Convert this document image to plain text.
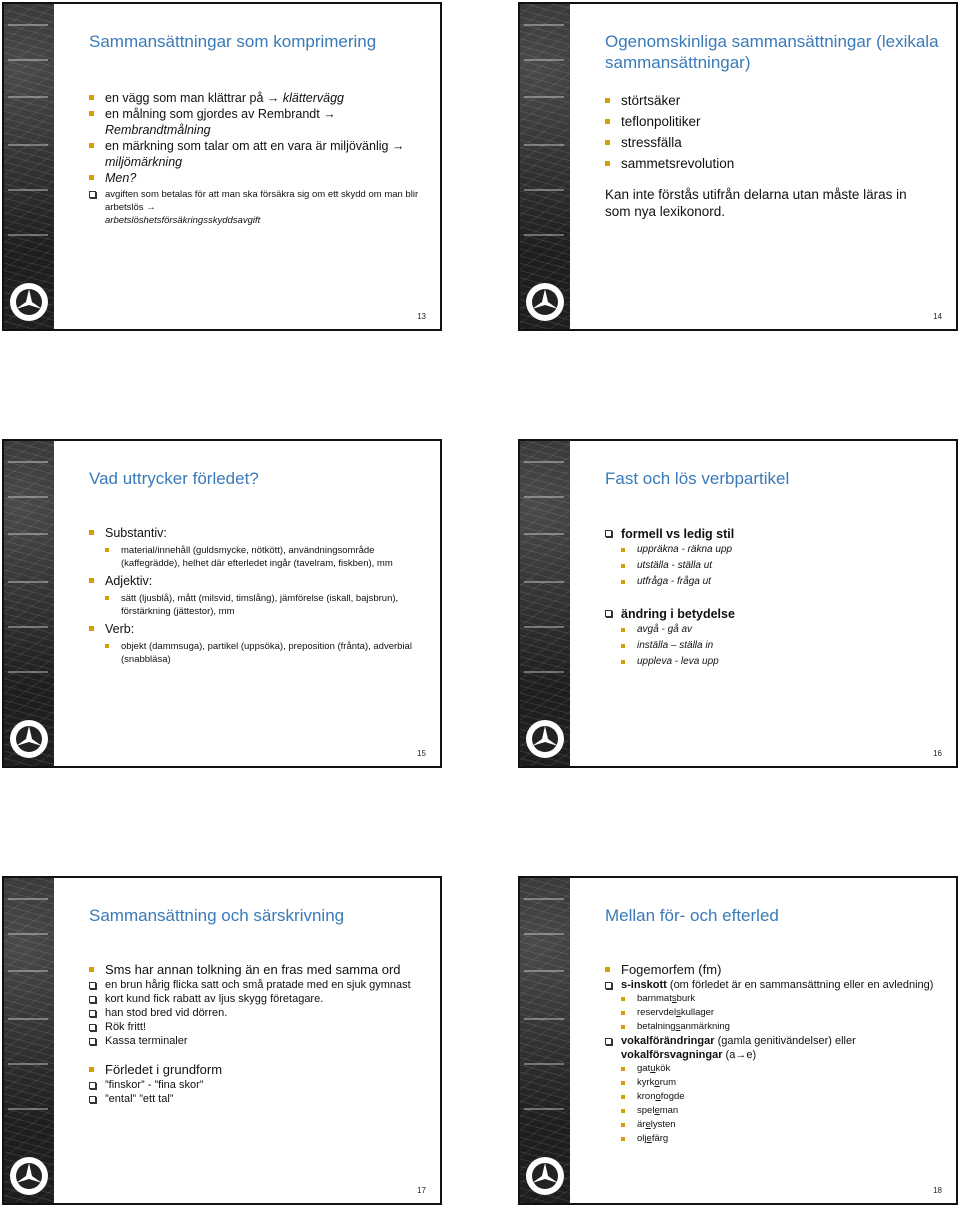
Sammansättningar som komprimering
en vägg som man klättrar på → klättervägg
en målning som gjordes av Rembrandt →
Rembrandtmålning
en märkning som talar om att en vara är miljövänlig →
miljömärkning
Men?
avgiften som betalas för att man ska försäkra sig om ett skydd om man blir arbetslös →
arbetslöshetsförsäkringsskyddsavgift
13
Ogenomskinliga sammansättningar (lexikala sammansättningar)
störtsäker
teflonpolitiker
stressfälla
sammetsrevolution
Kan inte förstås utifrån delarna utan måste läras in som nya lexikonord.
14
Vad uttrycker förledet?
Substantiv:
material/innehåll (guldsmycke, nötkött), användningsområde (kaffegrädde), helhet där efterledet ingår (tavelram, fiskben), mm
Adjektiv:
sätt (ljusblå), mått (milsvid, timslång), jämförelse (iskall, bajsbrun), förstärkning (jättestor), mm
Verb:
objekt (dammsuga), partikel (uppsöka), preposition (frånta), adverbial (snabbläsa)
15
Fast och lös verbpartikel
formell vs ledig stil
uppräkna - räkna upp
utställa - ställa ut
utfråga - fråga ut
ändring i betydelse
avgå - gå av
inställa – ställa in
uppleva - leva upp
16
Sammansättning och särskrivning
Sms har annan tolkning än en fras med samma ord
en brun hårig flicka satt och små pratade med en sjuk gymnast
kort kund fick rabatt av ljus skygg företagare.
han stod bred vid dörren.
Rök fritt!
Kassa terminaler
Förledet i grundform
”finskor” - ”fina skor”
”ental” ”ett tal”
17
Mellan för- och efterled
Fogemorfem (fm)
s-inskott (om förledet är en sammansättning eller en avledning)
barnmatsburk
reservdelskullager
betalningsanmärkning
vokalförändringar (gamla genitivändelser) eller vokalförsvagningar (a→e)
gatukök
kyrkorum
kronofogde
speleman
ärelysten
oljefärg
18
